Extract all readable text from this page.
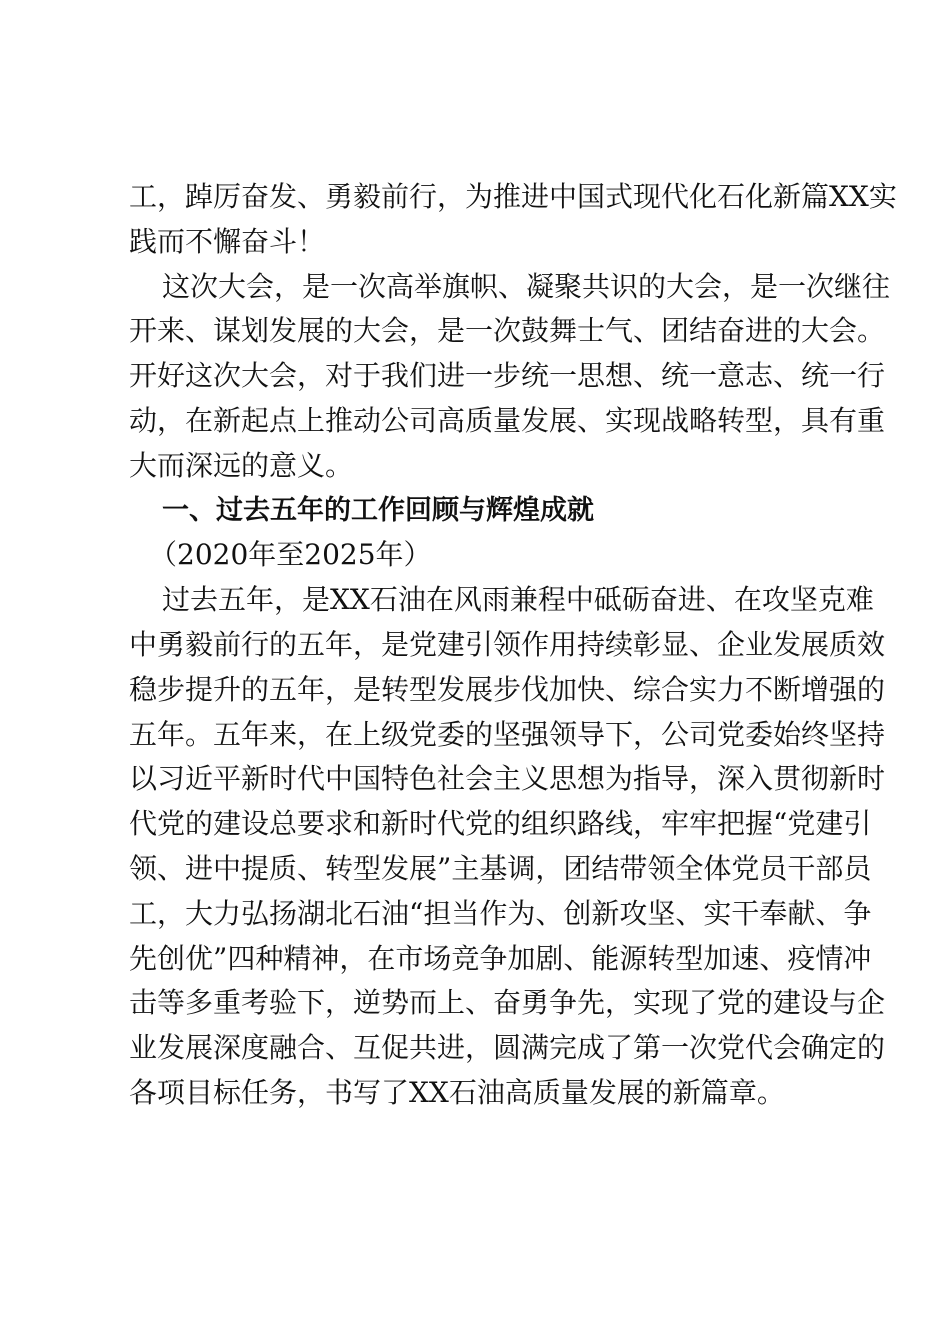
工，踔厉奋发、勇毅前行，为推进中国式现代化石化新篇XX实
践而不懈奋斗！
这次大会，是一次高举旗帜、凝聚共识的大会，是一次继往
开来、谋划发展的大会，是一次鼓舞士气、团结奋进的大会。
开好这次大会，对于我们进一步统一思想、统一意志、统一行
动，在新起点上推动公司高质量发展、实现战略转型，具有重
大而深远的意义。
一、过去五年的工作回顾与辉煌成就
（2020年至2025年）
过去五年，是XX石油在风雨兼程中砥砺奋进、在攻坚克难
中勇毅前行的五年，是党建引领作用持续彰显、企业发展质效
稳步提升的五年，是转型发展步伐加快、综合实力不断增强的
五年。五年来，在上级党委的坚强领导下，公司党委始终坚持
以习近平新时代中国特色社会主义思想为指导，深入贯彻新时
代党的建设总要求和新时代党的组织路线，牢牢把握“党建引
领、进中提质、转型发展”主基调，团结带领全体党员干部员
工，大力弘扬湖北石油“担当作为、创新攻坚、实干奉献、争
先创优”四种精神，在市场竞争加剧、能源转型加速、疫情冲
击等多重考验下，逆势而上、奋勇争先，实现了党的建设与企
业发展深度融合、互促共进，圆满完成了第一次党代会确定的
各项目标任务，书写了XX石油高质量发展的新篇章。
